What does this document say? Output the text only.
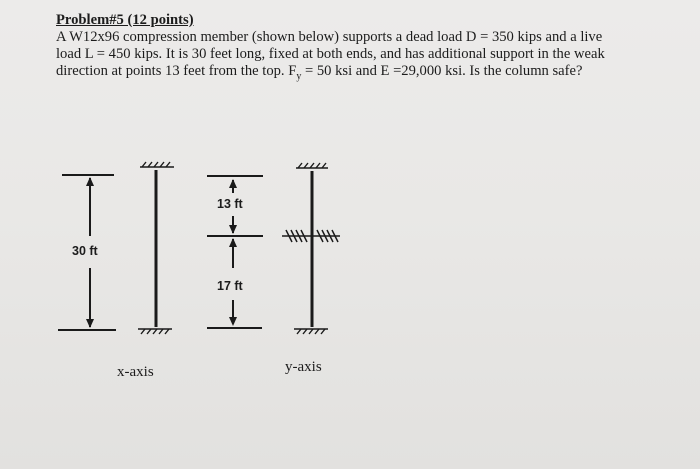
Problem#5 (12 points)
A W12x96 compression member (shown below) supports a dead load D = 350 kips and a live
load L = 450 kips. It is 30 feet long, fixed at both ends, and has additional support in the weak
direction at points 13 feet from the top. $F_y = 50$ ksi and E =29,000 ksi. Is the column safe?
30 ft
13 ft
17 ft
x-axis	y-axis
